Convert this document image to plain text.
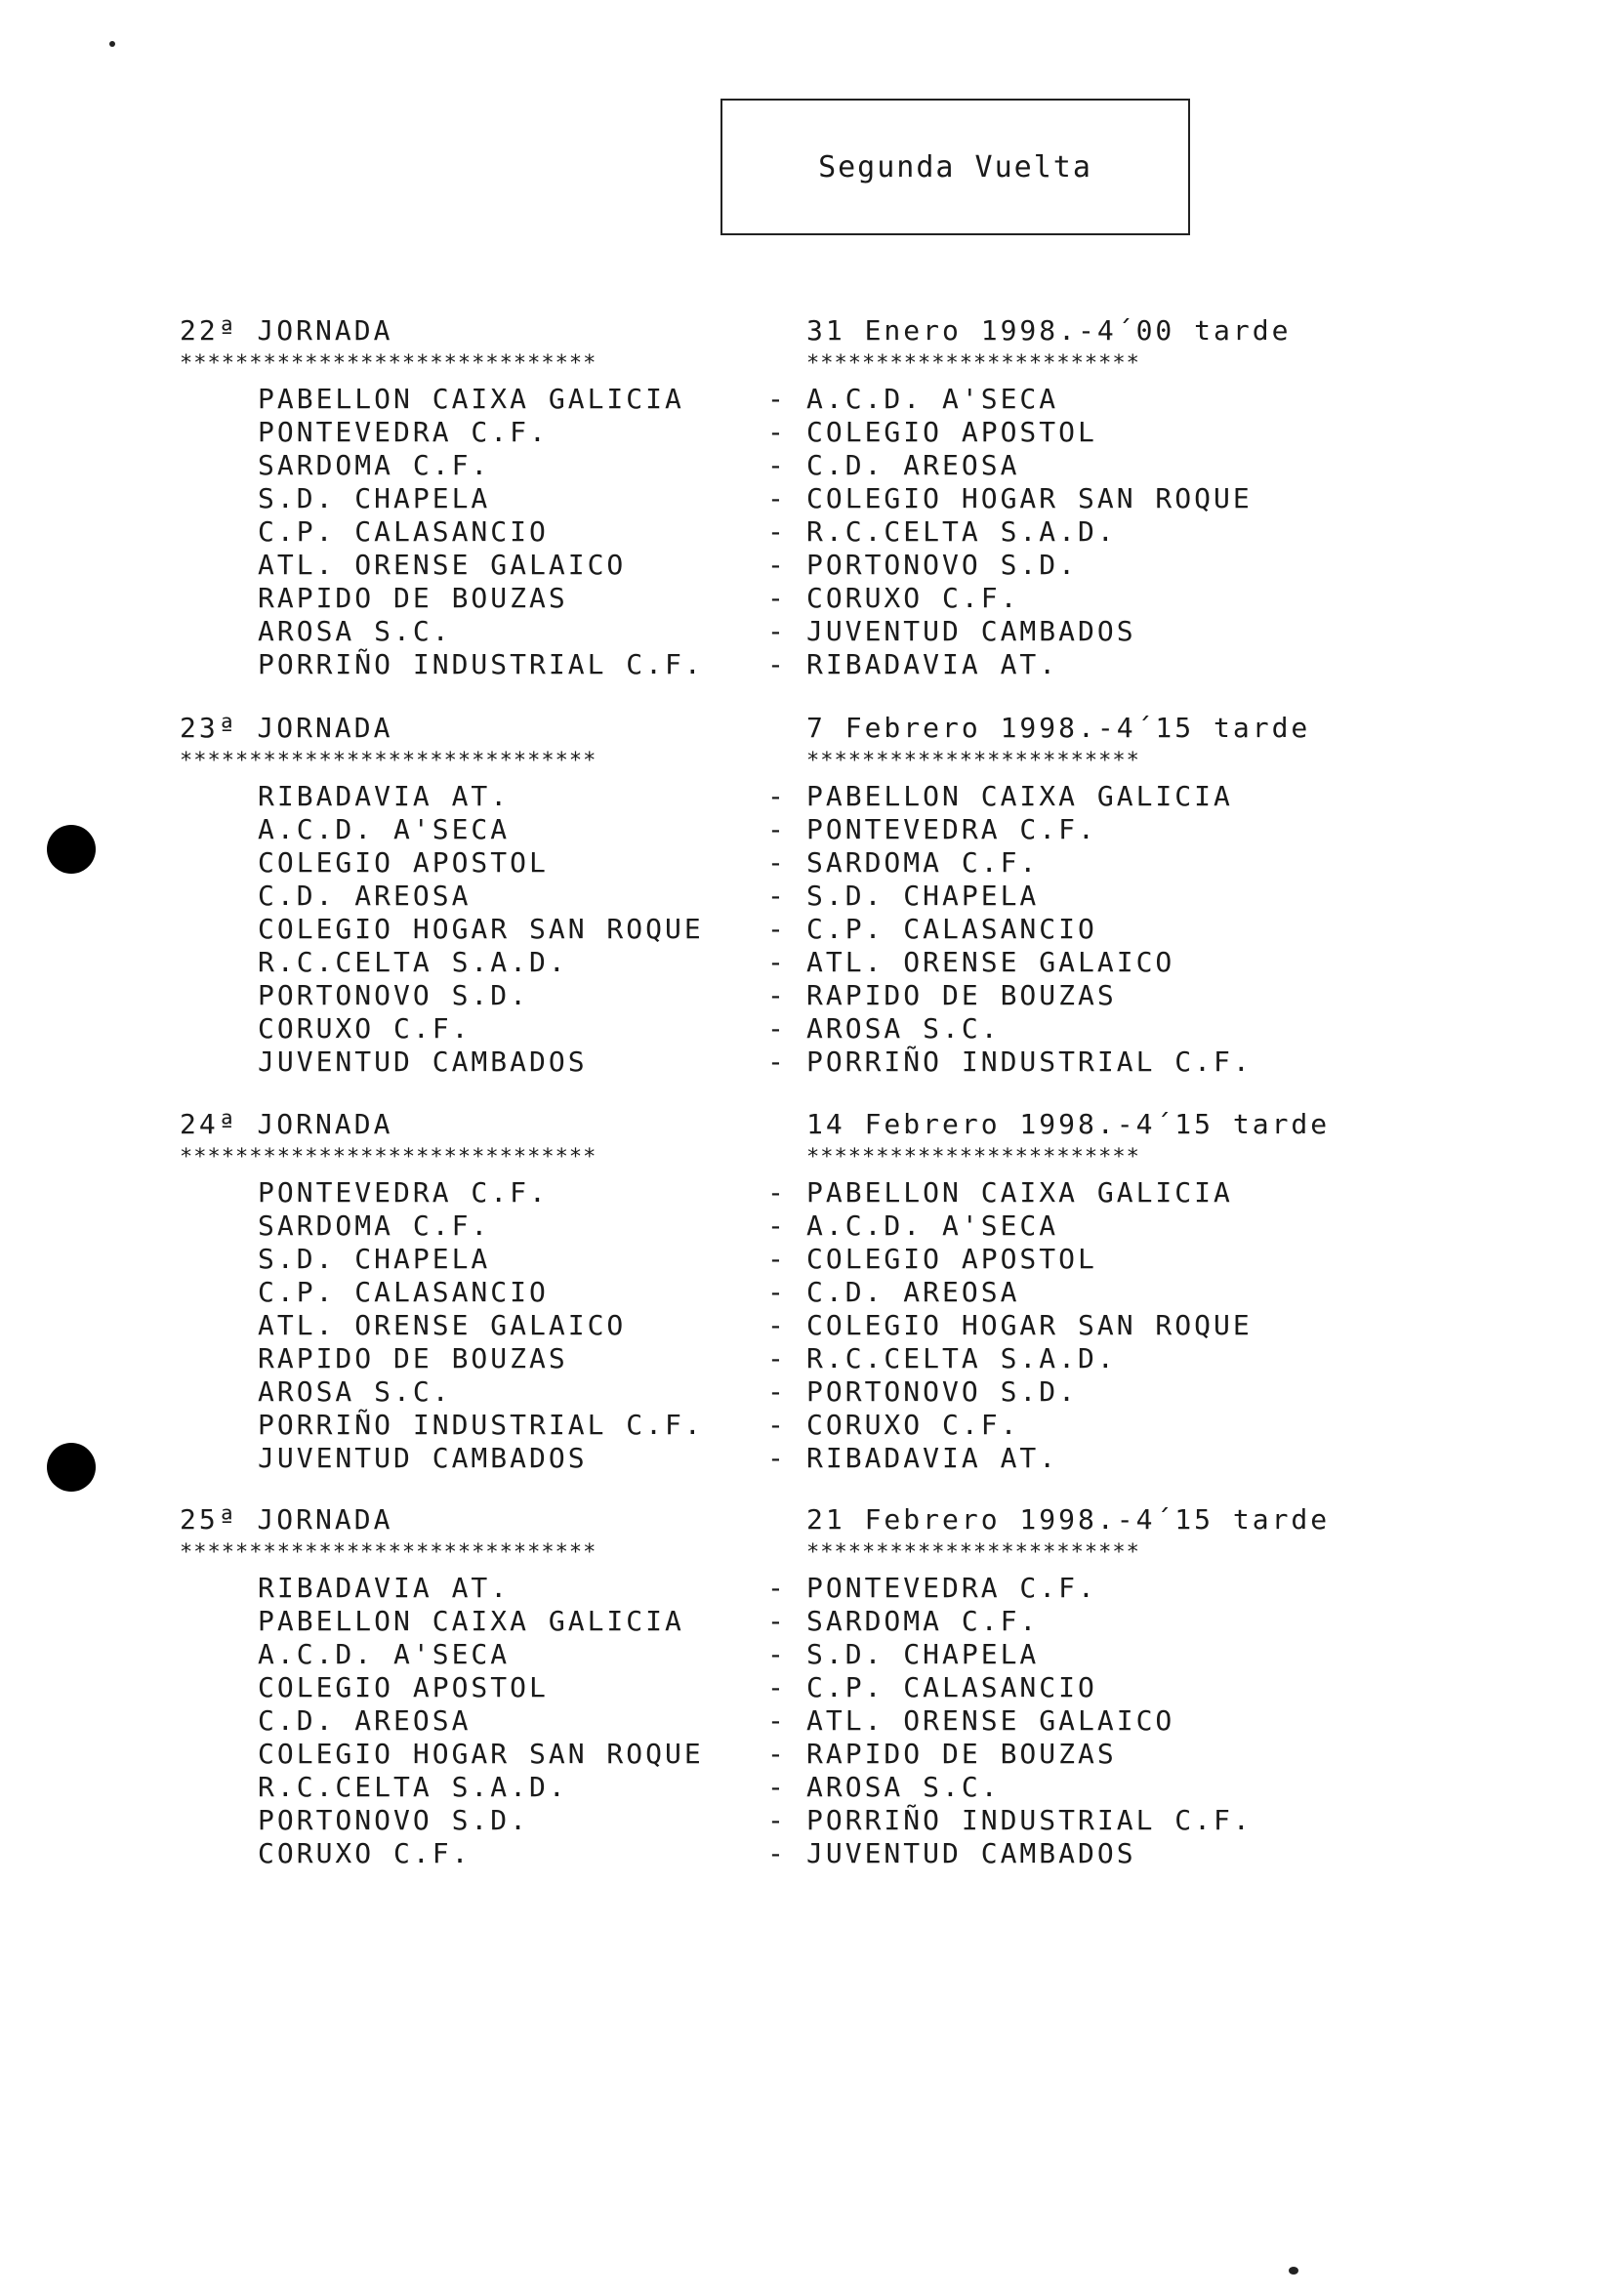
Segunda Vuelta
22ª JORNADA	31 Enero 1998.-4´00 tarde
******************************	************************
PABELLON CAIXA GALICIA	- A.C.D. A'SECA
PONTEVEDRA C.F.	- COLEGIO APOSTOL
SARDOMA C.F.	- C.D. AREOSA
S.D. CHAPELA	- COLEGIO HOGAR SAN ROQUE
C.P. CALASANCIO	- R.C.CELTA S.A.D.
ATL. ORENSE GALAICO	- PORTONOVO S.D.
RAPIDO DE BOUZAS	- CORUXO C.F.
AROSA S.C.	- JUVENTUD CAMBADOS
PORRIÑO INDUSTRIAL C.F. - RIBADAVIA AT.
23ª JORNADA	7 Febrero 1998.-4´15 tarde
******************************	************************
RIBADAVIA AT.	- PABELLON CAIXA GALICIA
A.C.D. A'SECA	- PONTEVEDRA C.F.
COLEGIO APOSTOL	- SARDOMA C.F.
C.D. AREOSA	- S.D. CHAPELA
COLEGIO HOGAR SAN ROQUE - C.P. CALASANCIO
R.C.CELTA S.A.D.	- ATL. ORENSE GALAICO
PORTONOVO S.D.	- RAPIDO DE BOUZAS
CORUXO C.F.	- AROSA S.C.
JUVENTUD CAMBADOS	- PORRIÑO INDUSTRIAL C.F.
24ª JORNADA	14 Febrero 1998.-4´15 tarde
******************************	************************
PONTEVEDRA C.F.	- PABELLON CAIXA GALICIA
SARDOMA C.F.	- A.C.D. A'SECA
S.D. CHAPELA	- COLEGIO APOSTOL
C.P. CALASANCIO	- C.D. AREOSA
ATL. ORENSE GALAICO	- COLEGIO HOGAR SAN ROQUE
RAPIDO DE BOUZAS	- R.C.CELTA S.A.D.
AROSA S.C.	- PORTONOVO S.D.
PORRIÑO INDUSTRIAL C.F. - CORUXO C.F.
JUVENTUD CAMBADOS	- RIBADAVIA AT.
25ª JORNADA	21 Febrero 1998.-4´15 tarde
******************************	************************
RIBADAVIA AT.	- PONTEVEDRA C.F.
PABELLON CAIXA GALICIA	- SARDOMA C.F.
A.C.D. A'SECA	- S.D. CHAPELA
COLEGIO APOSTOL	- C.P. CALASANCIO
C.D. AREOSA	- ATL. ORENSE GALAICO
COLEGIO HOGAR SAN ROQUE - RAPIDO DE BOUZAS
R.C.CELTA S.A.D.	- AROSA S.C.
PORTONOVO S.D.	- PORRIÑO INDUSTRIAL C.F.
CORUXO C.F.	- JUVENTUD CAMBADOS
